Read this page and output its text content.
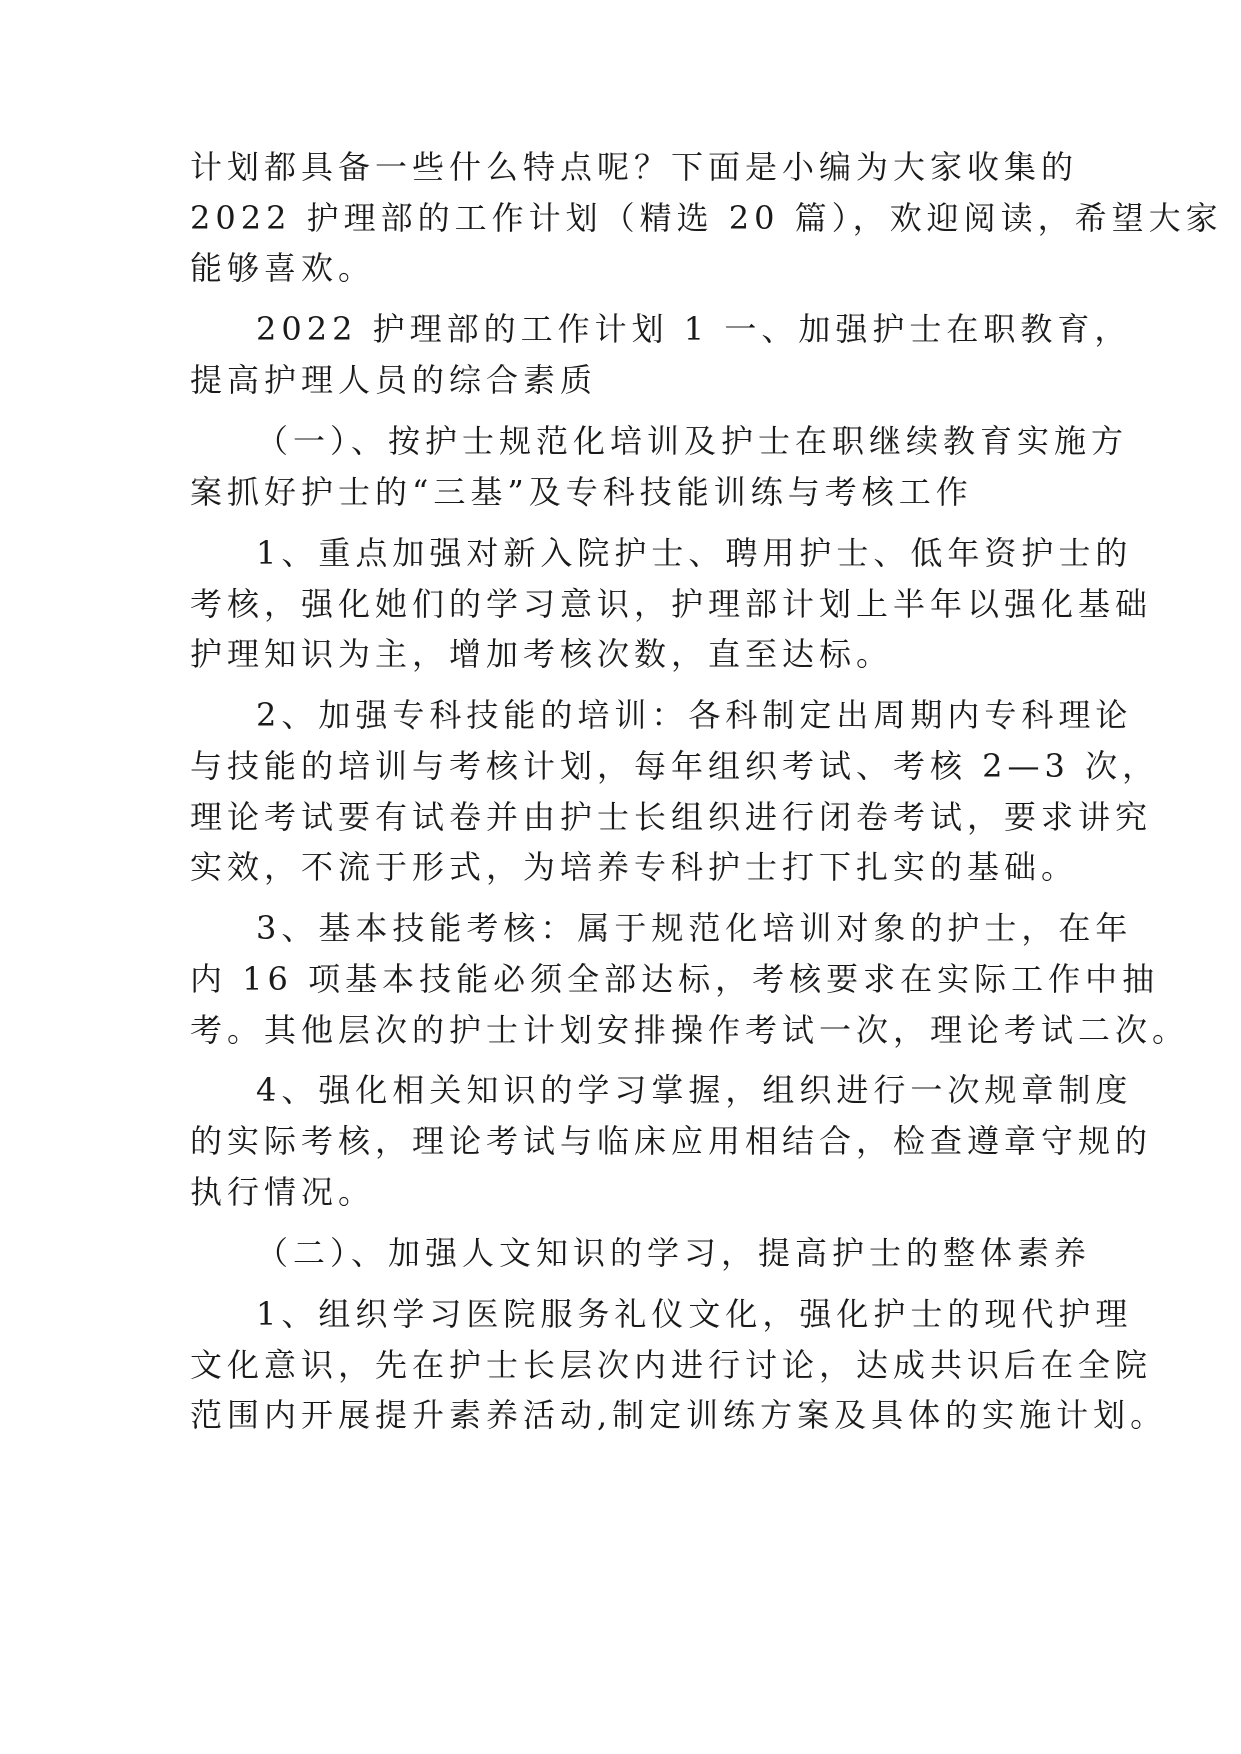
计划都具备一些什么特点呢？下面是小编为大家收集的

2022 护理部的工作计划（精选 20 篇），欢迎阅读，希望大家

能够喜欢。

2022 护理部的工作计划 1 一、加强护士在职教育，

提高护理人员的综合素质

（一）、按护士规范化培训及护士在职继续教育实施方

案抓好护士的“三基”及专科技能训练与考核工作

1、重点加强对新入院护士、聘用护士、低年资护士的

考核，强化她们的学习意识，护理部计划上半年以强化基础

护理知识为主，增加考核次数，直至达标。

2、加强专科技能的培训：各科制定出周期内专科理论

与技能的培训与考核计划，每年组织考试、考核 2—3 次，

理论考试要有试卷并由护士长组织进行闭卷考试，要求讲究

实效，不流于形式，为培养专科护士打下扎实的基础。

3、基本技能考核：属于规范化培训对象的护士，在年

内 16 项基本技能必须全部达标，考核要求在实际工作中抽

考。其他层次的护士计划安排操作考试一次，理论考试二次。

4、强化相关知识的学习掌握，组织进行一次规章制度

的实际考核，理论考试与临床应用相结合，检查遵章守规的

执行情况。

（二）、加强人文知识的学习，提高护士的整体素养

1、组织学习医院服务礼仪文化，强化护士的现代护理

文化意识，先在护士长层次内进行讨论，达成共识后在全院

范围内开展提升素养活动,制定训练方案及具体的实施计划。
